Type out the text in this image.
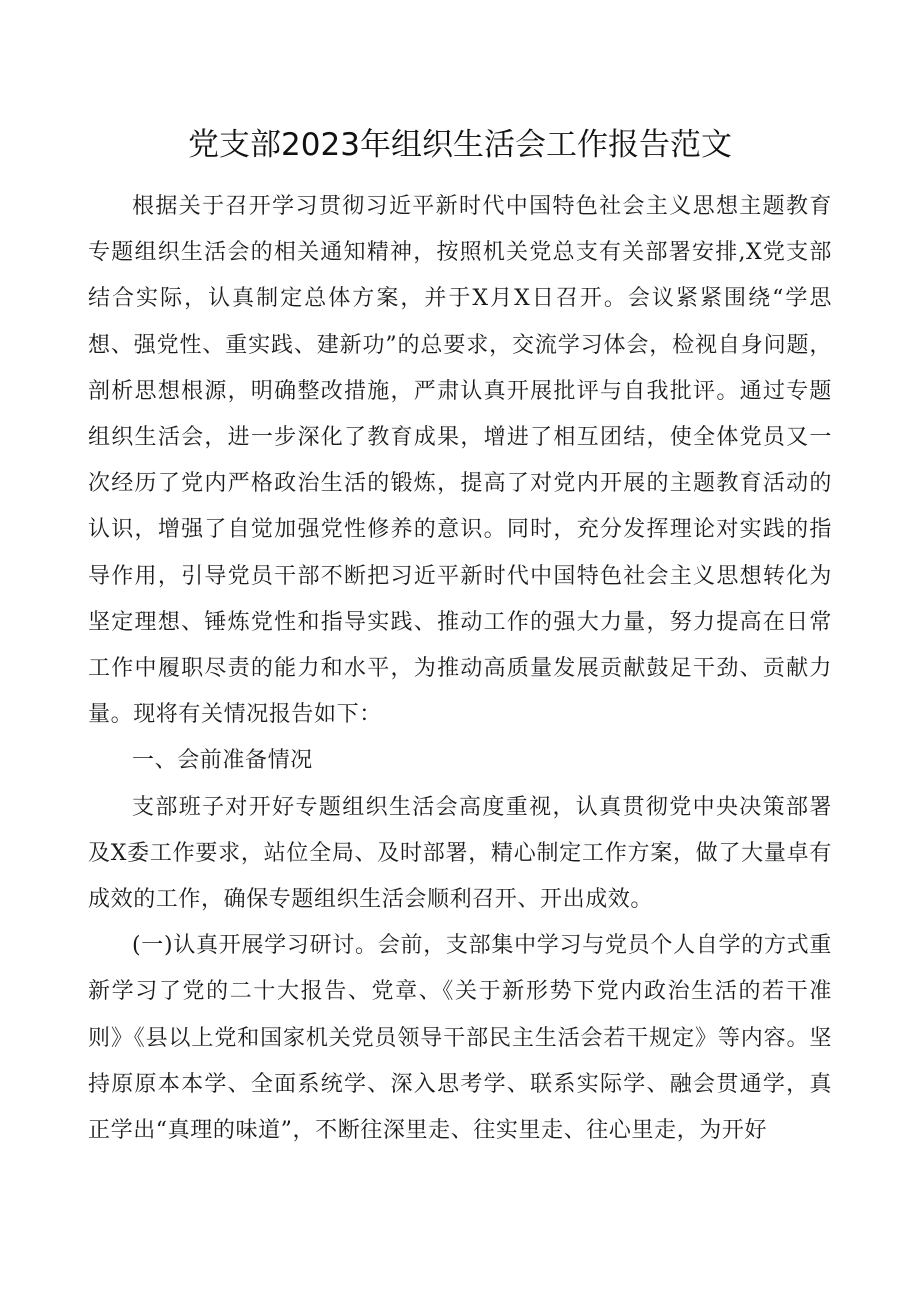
党支部2023年组织生活会工作报告范文

根据关于召开学习贯彻习近平新时代中国特色社会主义思想主题教育专题组织生活会的相关通知精神，按照机关党总支有关部署安排,X党支部结合实际，认真制定总体方案，并于X月X日召开。会议紧紧围绕“学思想、强党性、重实践、建新功”的总要求，交流学习体会，检视自身问题，剖析思想根源，明确整改措施，严肃认真开展批评与自我批评。通过专题组织生活会，进一步深化了教育成果，增进了相互团结，使全体党员又一次经历了党内严格政治生活的锻炼，提高了对党内开展的主题教育活动的认识，增强了自觉加强党性修养的意识。同时，充分发挥理论对实践的指导作用，引导党员干部不断把习近平新时代中国特色社会主义思想转化为坚定理想、锤炼党性和指导实践、推动工作的强大力量，努力提高在日常工作中履职尽责的能力和水平，为推动高质量发展贡献鼓足干劲、贡献力量。现将有关情况报告如下：

一、会前准备情况

支部班子对开好专题组织生活会高度重视，认真贯彻党中央决策部署及X委工作要求，站位全局、及时部署，精心制定工作方案，做了大量卓有成效的工作，确保专题组织生活会顺利召开、开出成效。

(一)认真开展学习研讨。会前，支部集中学习与党员个人自学的方式重新学习了党的二十大报告、党章、《关于新形势下党内政治生活的若干准则》《县以上党和国家机关党员领导干部民主生活会若干规定》等内容。坚持原原本本学、全面系统学、深入思考学、联系实际学、融会贯通学，真正学出“真理的味道”，不断往深里走、往实里走、往心里走，为开好
